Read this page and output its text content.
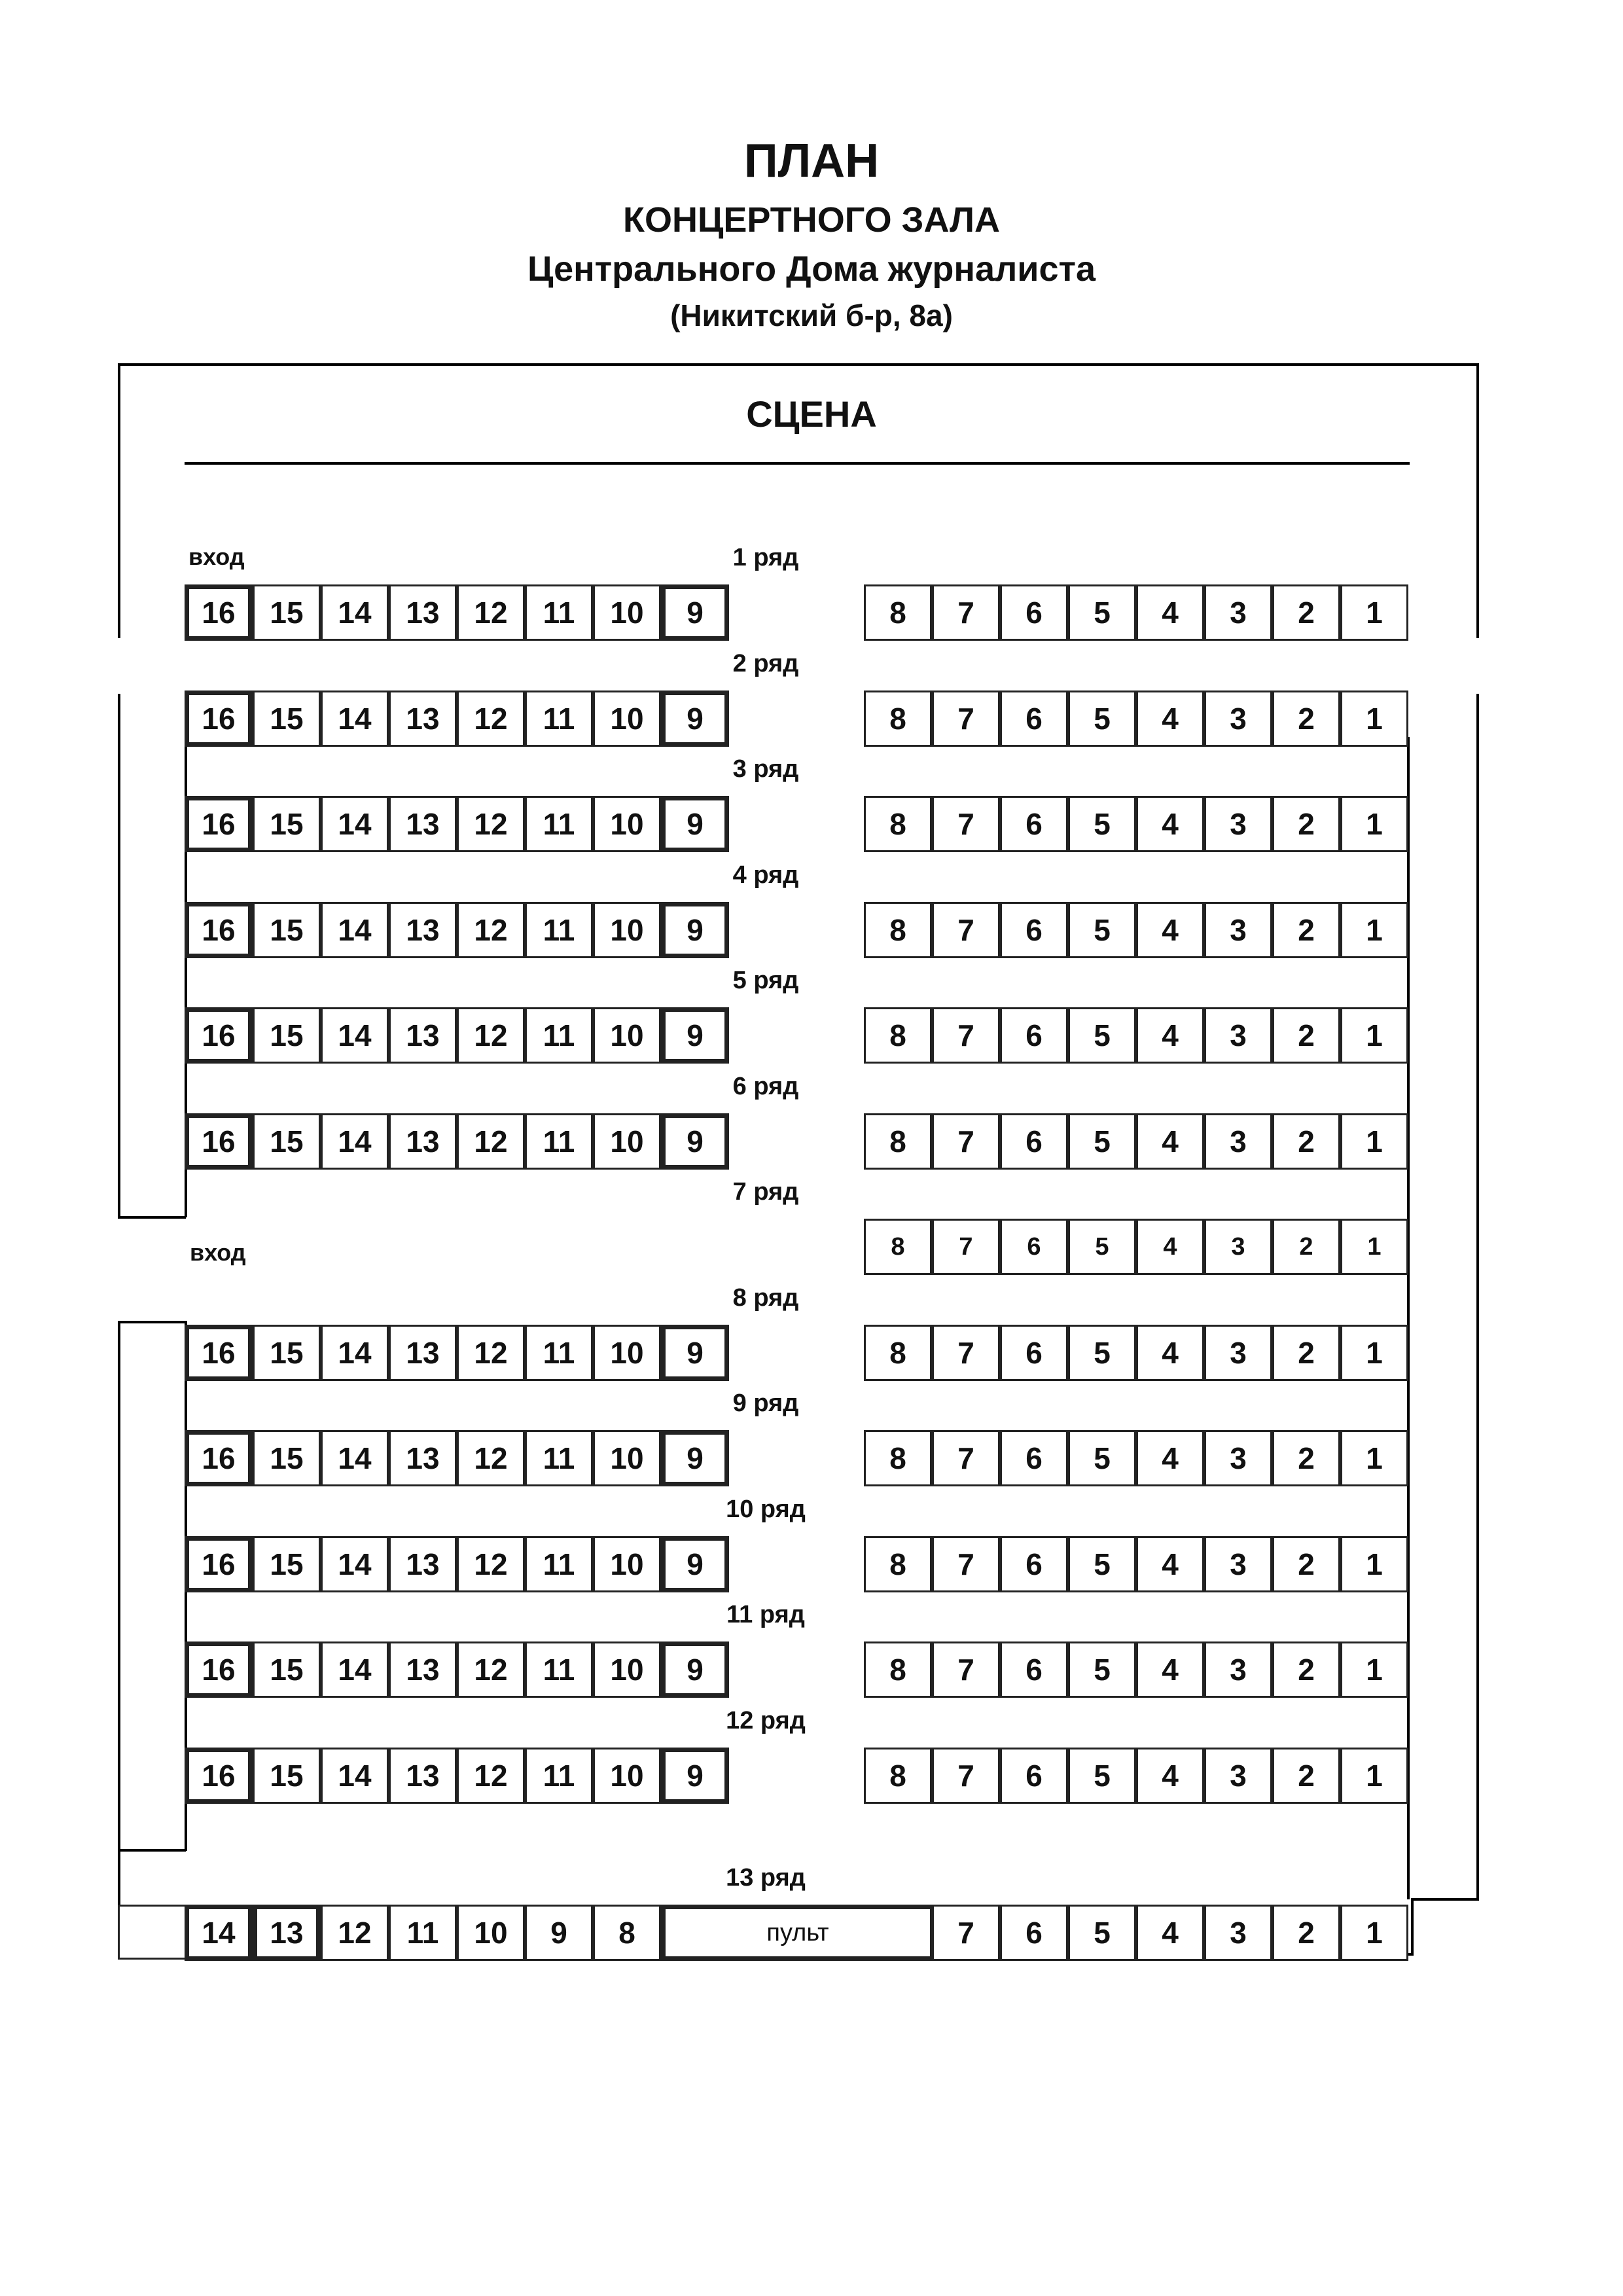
ПЛАН
КОНЦЕРТНОГО ЗАЛА
Центрального Дома журналиста
(Никитский б-р, 8а)
СЦЕНА
вход
вход
1 ряд
16	15	14	13	12	11	10	9	8	7	6	5	4	3	2	1
2 ряд
16	15	14	13	12	11	10	9	8	7	6	5	4	3	2	1
3 ряд
16	15	14	13	12	11	10	9	8	7	6	5	4	3	2	1
4 ряд
16	15	14	13	12	11	10	9	8	7	6	5	4	3	2	1
5 ряд
16	15	14	13	12	11	10	9	8	7	6	5	4	3	2	1
6 ряд
16	15	14	13	12	11	10	9	8	7	6	5	4	3	2	1
7 ряд
8	7	6	5	4	3	2	1
8 ряд
16	15	14	13	12	11	10	9	8	7	6	5	4	3	2	1
9 ряд
16	15	14	13	12	11	10	9	8	7	6	5	4	3	2	1
10 ряд
16	15	14	13	12	11	10	9	8	7	6	5	4	3	2	1
11 ряд
16	15	14	13	12	11	10	9	8	7	6	5	4	3	2	1
12 ряд
16	15	14	13	12	11	10	9	8	7	6	5	4	3	2	1
13 ряд
14	13	12	11	10	9	8	пульт	7	6	5	4	3	2	1
